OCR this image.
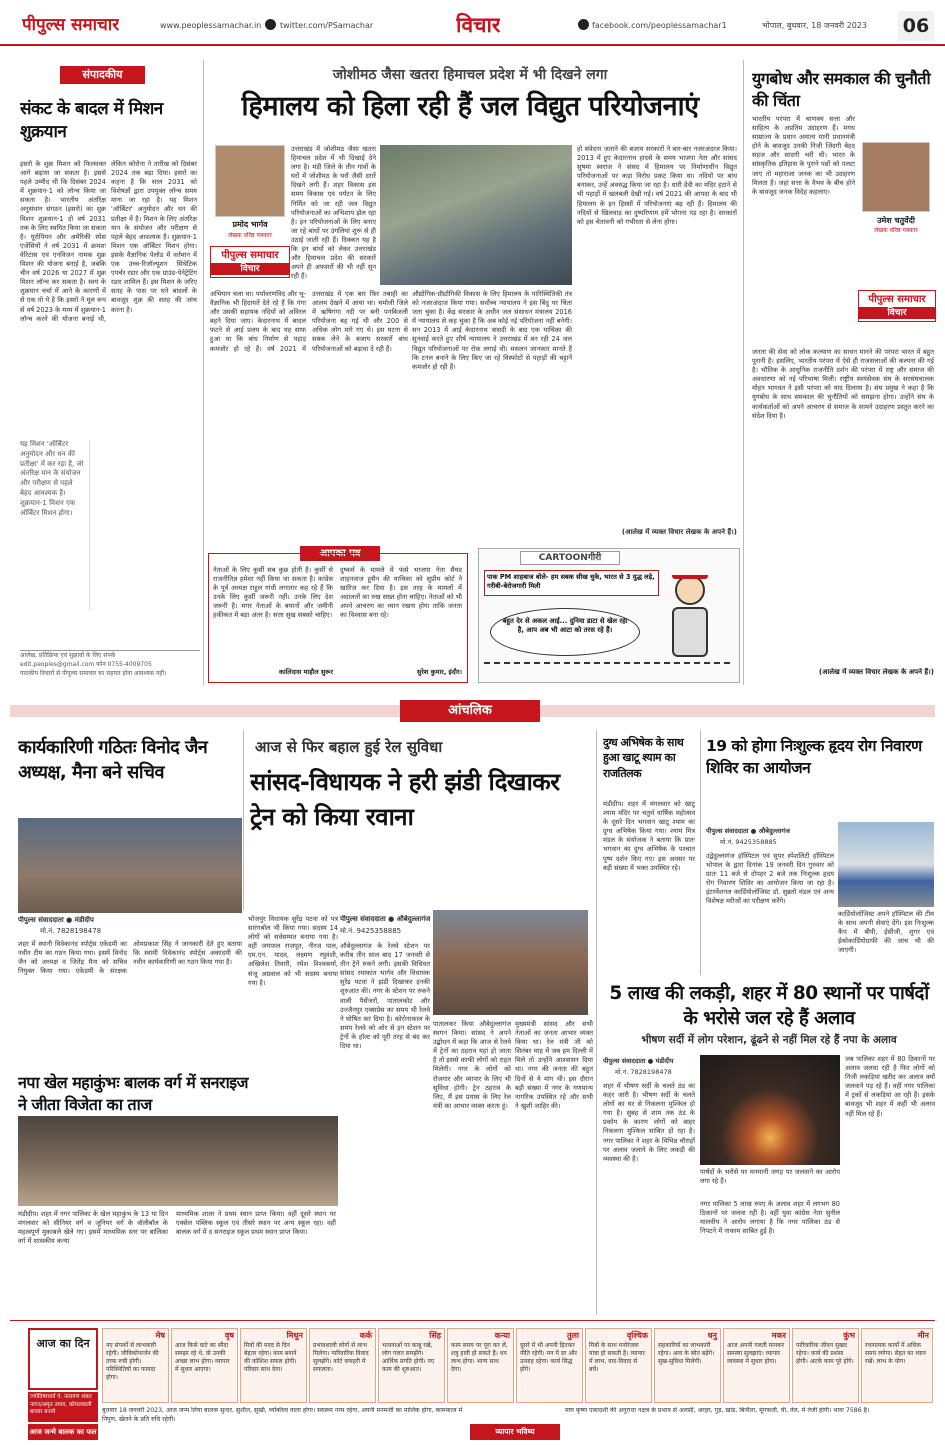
पीपुल्स समाचार	www.peoplessamachar.in twitter.com/PSamachar	विचार	facebook.com/peoplessamachar1	भोपाल, बुधवार, 18 जनवरी 2023 06
संपादकीय
संकट के बादल में मिशन शुक्रयान
इसरो के शुक्र मिशन को फिलवक्त आगे बढ़ाया जा सकता है। इससे पहले उम्मीद थी कि दिसंबर 2024 में शुक्रयान-1 को लॉन्च किया जा सकता है। भारतीय अंतरिक्ष अनुसंधान संगठन (इसरो) का शुक्र मिशन शुक्रयान-1 दो वर्ष 2031 तक के लिए स्थगित किया जा सकता है। यूरोपियन और अमेरिकी स्पेस एजेंसियों ने वर्ष 2031 में क्रमशः वेरिटास एवं एनविजन नामक शुक्र मिशन की योजना बनाई है, जबकि चीन वर्ष 2026 या 2027 में शुक्र मिशन लॉन्च कर सकता है। स्वयं के शुक्रयान चर्चा में आने के कारणों में से एक तो ये है कि इसरो ने मूल रूप से वर्ष 2023 के मध्य में शुक्रयान-1 लॉन्च करने की योजना बनाई थी, लेकिन कोरोना ने तारीख को दिसंबर 2024 तक बढ़ा दिया। इसरो का कहना है कि साल 2031 को विशेषज्ञों द्वारा उपयुक्त लॉन्च समय माना जा रहा है। यह मिशन 'ऑर्बिटर' अनुमोदन और धन की प्रतीक्षा में है। मिशन के लिए अंतरिक्ष यान के संयोजन और परीक्षण से पहले बेहद आवश्यक है। शुक्रयान-1 मिशन एक ऑर्बिटर मिशन होगा। इसके वैज्ञानिक पेलोड में वर्तमान में एक उच्च-रिजॉल्यूशन सिंथेटिक एपर्चर रडार और एक ग्राउंड-पेनेट्रेटिंग रडार शामिल हैं। इस मिशन के जरिए सतह के पास पर घने बादलों के बावजूद शुक्र की सतह की जांच करना है।
यह मिशन 'ऑर्बिटर अनुमोदन और धन की प्रतीक्षा' में कर रहा है, जो अंतरिक्ष यान के संयोजन और परीक्षण से पहले बेहद आवश्यक है। शुक्रयान-1 मिशन एक ऑर्बिटर मिशन होगा।
आलेख, प्रतिक्रिया एवं सुझावों के लिए संपर्क
edit.peoples@gmail.com फोन 0755-4009705
पाठकीय विचारों से पीपुल्स समाचार का सहमत होना आवश्यक नहीं।
जोशीमठ जैसा खतरा हिमाचल प्रदेश में भी दिखने लगा
हिमालय को हिला रही हैं जल विद्युत परियोजनाएं
प्रमोद भार्गव
लेखक वरिष्ठ पत्रकार
पीपुल्स समाचार
विचार
उत्तराखंड में जोशीमठ जैसा खतरा हिमाचल प्रदेश में भी दिखाई देने लगा है। मंडी जिले के तीन गांवों के घरों में जोशीमठ के घरों जैसी दरारें दिखने लगी हैं। शहर विकास इस समय विकास एवं पर्यटन के लिए निर्मित को जा रही जल विद्युत परियोजनाओं का अभिशाप झेल रहा है। इन परियोजनाओं के लिए बनाए जा रहे बांधों पर उंगलियां शुरू से ही उठाई जाती रही हैं। दिक्कत यह है कि इन बांधों को लेकर उत्तराखंड और हिमाचल प्रदेश की सरकारें अपने ही अफसरों की भी नहीं सुन रही हैं।
अभियान चला था। पर्यावरणविद और भू-वैज्ञानिक भी हिदायतें देते रहे हैं कि गंगा और उसकी सहायक नदियों को अविरल बहने दिया जाए। केदारनाथ में बादल फटने से आई प्रलय के बाद यह साफ हुआ था कि बांध निर्माण से पहाड़ कमजोर हो रहे हैं। वर्ष 2021 में उत्तराखंड में एक बार फिर तबाही का आलम देखने में आया था। चमोली जिले में ऋषिगंगा नदी पर बनी पनबिजली परियोजना बह गई थी और 200 से अधिक लोग मारे गए थे। इस घटना से सबक लेने के बजाय सरकारें बांध परियोजनाओं को बढ़ावा दे रही हैं।
औद्योगिक-प्रौद्योगिकी विकास के लिए हिमालय के पारिस्थितिकी तंत्र को नजरअंदाज किया गया। सर्वोच्च न्यायालय ने इस बिंदु पर चिंता जता चुका है। केंद्र सरकार के अधीन जल संसाधन मंत्रालय 2016 में न्यायालय से कह चुका है कि अब कोई नई परियोजना नहीं बनेगी। सन 2013 में आई केदारनाथ त्रासदी के बाद एक याचिका की सुनवाई करते हुए शीर्ष न्यायालय ने उत्तराखंड में बन रही 24 जल विद्युत परियोजनाओं पर रोक लगाई थी। मसलन जानकार मानते हैं कि टनल बनाने के लिए किए जा रहे विस्फोटों से पहाड़ों की चट्टानें कमजोर हो रही हैं।
हो संवेदना जताने की बजाय सरकारों ने बार-बार नजरअंदाज किया। 2013 में हुए केदारनाथ हादसे के समय भाजपा नेता और सांसद सुषमा स्वराज ने संसद में हिमालय पर निर्माणाधीन विद्युत परियोजनाओं पर कड़ा विरोध प्रकट किया था। नदियों पर बांध बनाकर, उन्हें अवरुद्ध किया जा रहा है। धारी देवी का मंदिर हटाने से भी पहाड़ों में खलबली देखी गई। वर्ष 2021 की आपदा के बाद भी हिमालय के इन हिस्सों में परियोजनाएं बढ़ रही हैं। हिमालय की नदियों से खिलवाड़ का दुष्परिणाम हमें भोगना पड़ रहा है। सरकारों को इस चेतावनी को गंभीरता से लेना होगा।
(आलेख में व्यक्त विचार लेखक के अपने हैं।)
आपका पत्र
नेताओं के लिए कुर्सी सब कुछ होती है। कुर्सी से राजनीतिज्ञ हमेशा नहीं किया जा सकता है। कांग्रेस के पूर्व अध्यक्ष राहुल गांधी लगातार कह रहे हैं कि उनके लिए कुर्सी जरूरी नहीं। उनके लिए देश जरूरी है। मगर नेताओं के बयानों और जमीनी हकीकत में बड़ा अंतर है। सत्ता सुख सबको चाहिए।
कालिदास माहौल सुरूर
दुष्कर्म के मामले में फंसे भाजपा नेता सैयद शाहनवाज हुसैन की याचिका को सुप्रीम कोर्ट ने खारिज कर दिया है। इस तरह के मामलों में अदालतों का रुख सख्त होना चाहिए। नेताओं को भी अपने आचरण का ध्यान रखना होगा ताकि जनता का विश्वास बना रहे।
सुरेश कुमार, इंदौर।
CARTOONगीरी
पाक PM शाहबाज बोले- हम सबक सीख चुके, भारत से 3 युद्ध लड़े, गरीबी-बेरोजगारी मिली
बहुत देर से अकल आई... दुनिया डाटा से खेल रही है, आप अब भी आटा को तरस रहे हैं।
युगबोध और समकाल की चुनौती की चिंता
भारतीय परंपरा में चाणक्य सत्ता और साहित्य के अप्रतिम उदाहरण हैं। मगध साम्राज्य के प्रधान अमात्य यानी प्रधानमंत्री होने के बावजूद उनकी निजी जिंदगी बेहद सहज और सादगी भरी थी। भारत के सांस्कृतिक इतिहास के पुराने पन्नों को पलटा जाए तो महाराजा जनक का भी उदाहरण मिलता है। जहां सत्ता के वैभव के बीच होने के बावजूद जनक विदेह कहलाए।
उमेश चतुर्वेदी
लेखक वरिष्ठ पत्रकार
पीपुल्स समाचार
विचार
जनता की सेवा को लोक कल्याण का साधन मानने की परंपरा भारत में बहुत पुरानी है। इसलिए, भारतीय परंपरा में ऐसे ही राजसत्ताओं की कल्पना की गई है। भौतिक के आधुनिक राजनीति दर्शन की परंपरा में राष्ट्र और समाज की अवधारणा को नई परिभाषा मिली। राष्ट्रीय स्वयंसेवक संघ के सरसंघचालक मोहन भागवत ने इसी परंपरा को याद दिलाया है। संघ प्रमुख ने कहा है कि युगबोध के साथ समकाल की चुनौतियों को समझना होगा। उन्होंने संघ के कार्यकर्ताओं को अपने आचरण से समाज के सामने उदाहरण प्रस्तुत करने का संदेश दिया है।
(आलेख में व्यक्त विचार लेखक के अपने हैं।)
आंचलिक
कार्यकारिणी गठितः विनोद जैन अध्यक्ष, मैना बने सचिव
पीपुल्स संवाददाता ● मंडीदीप
मो.नं. 7828198478
शहर में स्थानी विवेकानंद स्पोर्ट्स एकेडमी का नवीन टीम का गठन किया गया। इसमें विनोद जैन को अध्यक्ष व जितेंद्र मैना को सचिव नियुक्त किया गया। एकेडमी के संरक्षक ओमप्रकाश सिंह ने जानकारी देते हुए बताया कि स्वामी विवेकानंद स्पोर्ट्स अकादमी की नवीन कार्यकारिणी का गठन किया गया है।
भोजपुर विधायक सुरेंद्र पटवा को पत्र सारंगबोल भी किया गया। सदस्य 14 लोगों को सर्वसम्मत बनाया गया है। वहीं जयपाल राजपूत, नीरज पाल, एम.एन. यादव, लक्ष्मण रघुवंशी, अखिलेश तिवारी, रमेश विश्वकर्मा, संजू अग्रवाल को भी सदस्य बनाया गया है।
नपा खेल महाकुंभः बालक वर्ग में सनराइज ने जीता विजेता का ताज
मंडीदीप। शहर में नगर पालिका के खेल महाकुंभ के 13 या दिन मंगलवार को सीनियर वर्ग व जूनियर वर्ग के वॉलीबॉल के महत्वपूर्ण मुकाबले खेले गए। इसमें माध्यमिक स्तर पर बालिका वर्ग में शासकीय कन्या
माध्यमिक शाला ने प्रथम स्थान प्राप्त किया। वहीं दूसरे स्थान पर एक्सेल पब्लिक स्कूल एवं तीसरे स्थान पर अन्य स्कूल रहा। वहीं बालक वर्ग में द सनराइज स्कूल प्रथम स्थान प्राप्त किया।
आज से फिर बहाल हुई रेल सुविधा
सांसद-विधायक ने हरी झंडी दिखाकर ट्रेन को किया रवाना
पीपुल्स संवाददाता ● औबेदुल्लागंज
मो.नं. 9425358885
औबेदुल्लागंज के रेलवे स्टेशन पर करीब तीन साल बाद 17 जनवरी से तीन ट्रेनें रुकने लगी। इसकी विधिवत सांसद रमाकांत भार्गव और विधायक सुरेंद्र पटवा ने झंडी दिखाकर इनकी शुरुआत की। नगर के स्टेशन पर रुकने वाली पैसेंजरों, पातालकोट और उज्जैनपुर एक्सप्रेस का समय भी रेलवे ने घोषित कर दिया है। कोरोनाकाल के समय रेलवे को ओर से इन स्टेशन पर ट्रेनों के हॉल्ट को पूरी तरह से बंद कर दिया था।
पातालकर किया औबेदुल्लागंज स्थगन किया। सांसद ने अपने उद्बोधन में कहा कि आज से रेलवे में ट्रेनों का ठहराव यहां हो जाता है तो इससे काफी लोगों को राहत मिलेगी। नगर के लोगों को रोजगार और व्यापार के लिए भी सुविधा होगी। ट्रेन ठहराव के लिए, मैं इस प्रयास के लिए रेल मंत्री का आभार व्यक्त करता हूं।
मुख्यमंत्री सांसद और सभी नेताओं का जनता आभार व्यक्त किया था। रेल मंत्री जी को सितंबर माह में जब हम दिल्ली में मिले तो उन्होंने आश्वासन दिया था। नगर की जनता की बहुत दिनों से ये मांग थी। इस दौरान बड़ी संख्या में नगर के गणमान्य नागरिक उपस्थित रहे और सभी ने खुशी जाहिर की।
दुग्ध अभिषेक के साथ हुआ खाटू श्याम का राजतिलक
मंडीदीप। शहर में मंगलवार को खाटू श्याम मंदिर पर चतुर्थ वार्षिक महोत्सव के दूसरे दिन भगवान खाटू श्याम का दुग्ध अभिषेक किया गया। श्याम मित्र मंडल के संयोजक ने बताया कि प्रातः भगवान का दुग्ध अभिषेक के पश्चात पुष्प दर्शन किए गए। इस अवसर पर बड़ी संख्या में भक्त उपस्थित रहे।
19 को होगा निःशुल्क हृदय रोग निवारण शिविर का आयोजन
पीपुल्स संवाददाता ● औबेदुल्लागंज
मो.नं. 9425358885
उद्वेदुल्लागंज हॉस्पिटल एवं सुपर स्पेशलिटी हॉस्पिटल भोपाल के द्वारा दिनांक 19 जनवरी दिन गुरुवार को प्रातः 11 बजे से दोपहर 2 बजे तक निःशुल्क हृदय रोग निवारण शिविर का आयोजन किया जा रहा है। इंटरवेंशनल कार्डियोलॉजिस्ट डॉ. सुब्रतो मंडल एवं अन्य विशेषज्ञ मरीजों का परीक्षण करेंगे।
कार्डियोलॉजिस्ट अपने हॉस्पिटल की टीम के साथ अपनी सेवाएं देंगे। इस निःशुल्क कैंप में बीपी, ईसीजी, शुगर एवं ईकोकार्डियोग्राफी की जांच भी की जाएगी।
5 लाख की लकड़ी, शहर में 80 स्थानों पर पार्षदों के भरोसे जल रहे हैं अलाव
भीषण सर्दी में लोग परेशान, ढूंढने से नहीं मिल रहे हैं नपा के अलाव
पीपुल्स संवाददाता ● मंडीदीप
मो.नं. 7828198478
शहर में भीषण सर्दी के चलते ठंड का कहर जारी है। भीषण सर्दी के चलते लोगों का घर से निकलना मुश्किल हो गया है। सुबह से शाम तक ठंड के प्रकोप के कारण लोगों को बाहर निकलना मुश्किल साबित हो रहा है। नगर पालिका ने शहर के विभिन्न चौराहों पर अलाव जलाने के लिए लकड़ी की व्यवस्था की है।
पार्षदों के भरोसे पर मनमानी जगह पर जलवाने का आरोप लगा रहे हैं।
नगर पालिका 5 लाख रुपए के अलाव शहर में लगभग 80 ठिकानों पर जलवा रही है। वहीं युवा कांग्रेस नेता सुनील मालवीय ने आरोप लगाया है कि नगर पालिका ठंड से निपटने में नाकाम साबित हुई है।
जब पालिका शहर में 80 ठिकानों पर अलाव जलवा रही है फिर लोगों को निजी लकड़ियां खरीद कर अलाव क्यों जलवाने पड़ रहे हैं। वहीं नगर पालिका में ट्रकों से लकड़ियां आ रही हैं। इसके बावजूद भी शहर में कहीं भी अलाव नहीं मिल रहे हैं।
आज का दिन
ज्योतिषाचार्य पं. नारायण शंकर नागर/अमृत उपाय, कोयलवाली बाजार बनाये
आज जन्मे बालक का फल	व्यापार भविष्य
बुधवार 18 जनवरी 2023, आज जन्म लिया बालक सुन्दर, सुशील, सुखी, व्यक्तित्व वाला होगा। स्वास्थ्य नरम रहेगा, अपनी मनमर्जी का मालिक होगा, कामकाज में निपुण, खेलने के प्रति रुचि रहेगी।
माघ कृष्ण एकादशी की अनुराधा नक्षत्र के प्रभाव से अलसी, अरहर, गुड़, खांड, बिनौला, मूंगफली, घी, तेल, में तेजी होगी। भावः 7586 है।
मेष
नए संपर्कों से लाभकारी रहेगी। जीविकोपार्जन की तरफ़ रुची होगी। परिस्थितियों का फायदा होगा।
वृष
आज किसे घाटे का सौदा समझा रहे थे, वो उनकी अच्छा लाभ होगा। व्यापार में सुधार आएगा।
मिथुन
मित्रों की मदद से दिन बेहतर रहेगा। काम बनाने की कोशिश सफल होगी। परिवार साथ देगा।
कर्क
प्रभावशाली लोगों से लाभ मिलेगा। पारिवारिक विवाद सुलझेंगे। कोर्ट कचहरी में सफलता।
सिंह
भावनाओं पर काबू रखें, लोग गलत समझेंगे। आर्थिक प्रगति होगी। नए काम की शुरुआत।
कन्या
काम समय पर पूरा कर लें, शत्रु हावी हो सकते हैं। धन लाभ होगा। भाग्य साथ देगा।
तुला
दूसरे में भी अपनी हितकर नीति रहेगी। मन में डर और उत्साह रहेगा। कार्य सिद्ध होंगे।
वृश्चिक
मित्रों के साथ मनोरंजक यात्रा हो सकती है। व्यापार में लाभ, वाद-विवाद से बचें।
धनु
सहकारियों का लाभकारी रहेगा। आय के स्रोत बढ़ेंगे। सुख-सुविधा मिलेगी।
मकर
आज अपनी गलती मानकर समस्या सुलझाएं। व्यापार व्यवस्था में सुधार होगा।
कुंभ
पारिवारिक जीवन सुखद रहेगा। कार्य की प्रशंसा होगी। अटके काम पूरे होंगे।
मीन
रचनात्मक कार्यों में अधिक समय लगेगा। सेहत का ध्यान रखें। लाभ के योग।
